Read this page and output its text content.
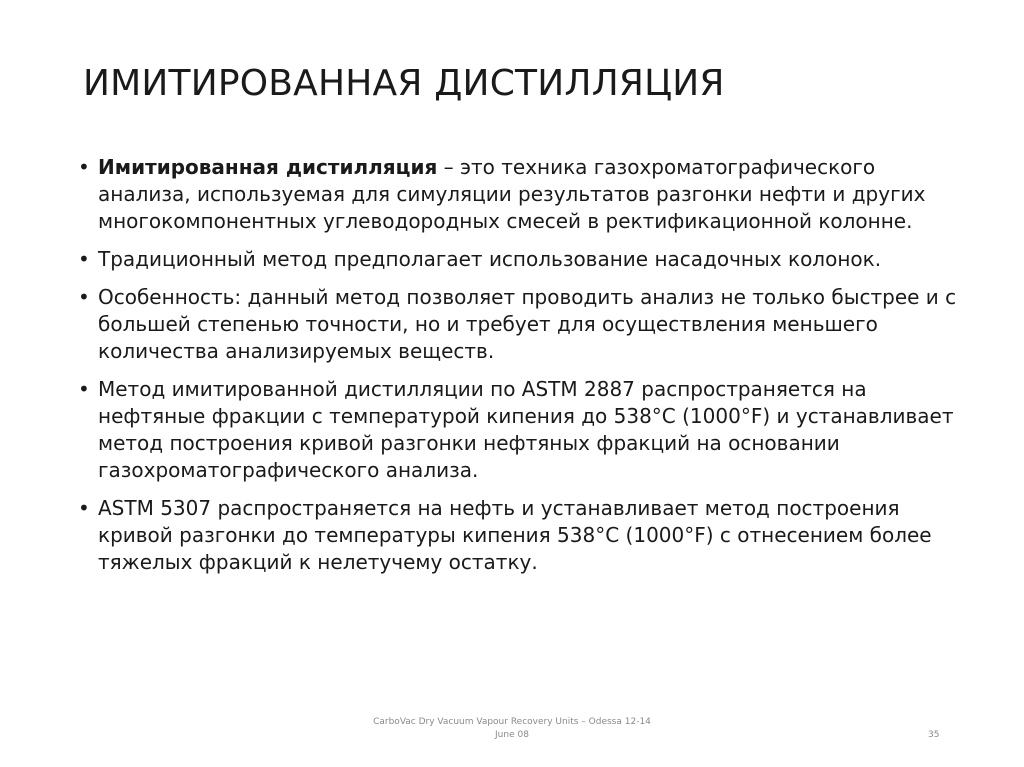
ИМИТИРОВАННАЯ ДИСТИЛЛЯЦИЯ
• Имитированная дистилляция – это техника газохроматографического анализа, используемая для симуляции результатов разгонки нефти и других многокомпонентных углеводородных смесей в ректификационной колонне.
• Традиционный метод предполагает использование насадочных колонок.
• Особенность: данный метод позволяет проводить анализ не только быстрее и с большей степенью точности, но и требует для осуществления меньшего количества анализируемых веществ.
• Метод имитированной дистилляции по ASTM 2887 распространяется на нефтяные фракции с температурой кипения до 538°C (1000°F) и устанавливает метод построения кривой разгонки нефтяных фракций на основании газохроматографического анализа.
• ASTM 5307 распространяется на нефть и устанавливает метод построения кривой разгонки до температуры кипения 538°C (1000°F) с отнесением более тяжелых фракций к нелетучему остатку.
CarboVac Dry Vacuum Vapour Recovery Units – Odessa 12-14
June 08	35
